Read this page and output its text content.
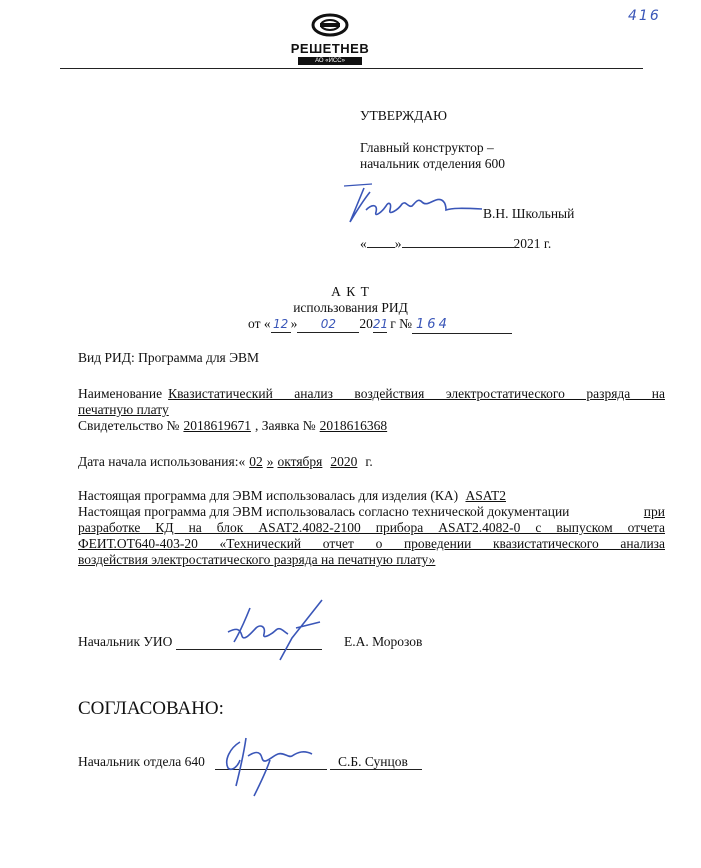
416
РЕШЕТНЕВ
АО «ИСС»
УТВЕРЖДАЮ
Главный конструктор –
начальник отделения 600
В.Н. Школьный
« »	2021 г.
А К Т
использования РИД
от « 12 » 02 2021 г № 164
Вид РИД: Программа для ЭВМ
Наименование Квазистатический анализ воздействия электростатического разряда на
печатную плату
Свидетельство № 2018619671 , Заявка № 2018616368
Дата начала использования:« 02 » октября 2020 г.
Настоящая программа для ЭВМ использовалась для изделия (КА) ASAT2
Настоящая программа для ЭВМ использовалась согласно технической документации	при
разработке КД на блок ASAT2.4082-2100 прибора ASAT2.4082-0 с выпуском отчета
ФЕИТ.ОТ640-403-20 «Технический отчет о проведении квазистатического анализа
воздействия электростатического разряда на печатную плату»
Начальник УИО	Е.А. Морозов
СОГЛАСОВАНО:
Начальник отдела 640	С.Б. Сунцов
